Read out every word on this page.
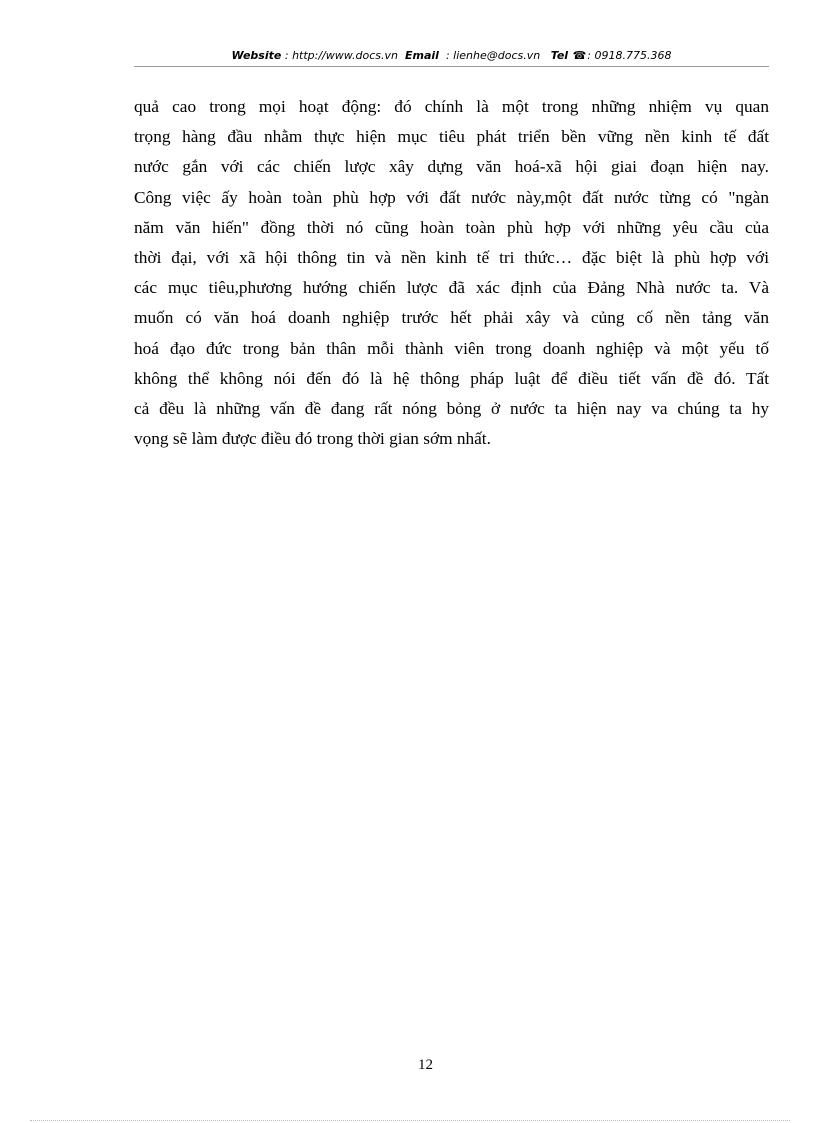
Website : http://www.docs.vn Email  : lienhe@docs.vn Tel ☎: 0918.775.368
quả cao trong mọi hoạt động: đó chính là một trong những nhiệm vụ quan
trọng hàng đầu nhằm thực hiện mục tiêu phát triển bền vững nền kinh tế đất
nước gắn với các chiến lược xây dựng văn hoá-xã hội giai đoạn hiện nay.
Công việc ấy hoàn toàn phù hợp với đất nước này,một đất nước từng có "ngàn
năm văn hiến" đồng thời nó cũng hoàn toàn phù hợp với những yêu cầu của
thời đại, với xã hội thông tin và nền kinh tế tri thức… đặc biệt là phù hợp với
các mục tiêu,phương hướng chiến lược đã xác định của Đảng Nhà nước ta. Và
muốn có văn hoá doanh nghiệp trước hết phải xây và củng cố nền tảng văn
hoá đạo đức trong bản thân mỗi thành viên trong doanh nghiệp và một yếu tố
không thể không nói đến đó là hệ thông pháp luật để điều tiết vấn đề đó. Tất
cả đều là những vấn đề đang rất nóng bỏng ở nước ta hiện nay va chúng ta hy
vọng sẽ làm được điều đó trong thời gian sớm nhất.
12
